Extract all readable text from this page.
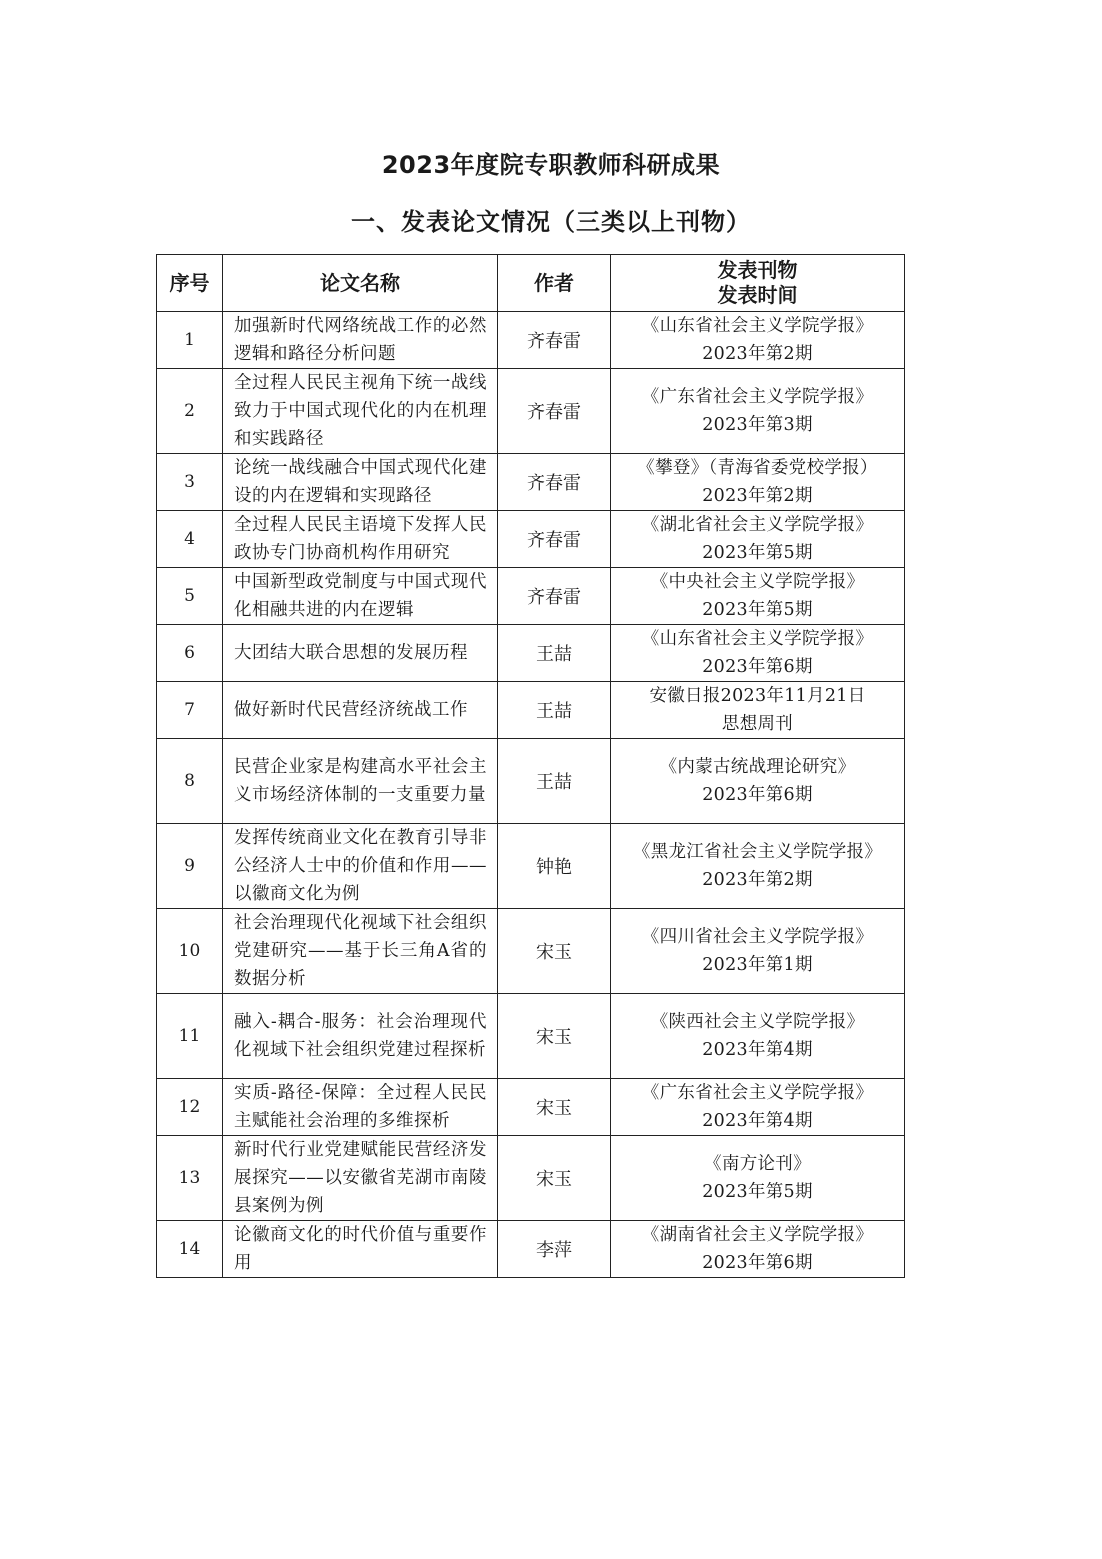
2023年度院专职教师科研成果
一、发表论文情况（三类以上刊物）
序号	论文名称	作者	发表刊物
发表时间

1	加强新时代网络统战工作的必然逻辑和路径分析问题	齐春雷	《山东省社会主义学院学报》
2023年第2期

2	全过程人民民主视角下统一战线致力于中国式现代化的内在机理和实践路径	齐春雷	《广东省社会主义学院学报》
2023年第3期

3	论统一战线融合中国式现代化建设的内在逻辑和实现路径	齐春雷	《攀登》（青海省委党校学报）
2023年第2期

4	全过程人民民主语境下发挥人民政协专门协商机构作用研究	齐春雷	《湖北省社会主义学院学报》
2023年第5期

5	中国新型政党制度与中国式现代化相融共进的内在逻辑	齐春雷	《中央社会主义学院学报》
2023年第5期

6	大团结大联合思想的发展历程	王喆	《山东省社会主义学院学报》
2023年第6期

7	做好新时代民营经济统战工作	王喆	安徽日报2023年11月21日
思想周刊

8	民营企业家是构建高水平社会主义市场经济体制的一支重要力量	王喆	《内蒙古统战理论研究》
2023年第6期

9	发挥传统商业文化在教育引导非公经济人士中的价值和作用——以徽商文化为例	钟艳	《黑龙江省社会主义学院学报》
2023年第2期

10	社会治理现代化视域下社会组织党建研究——基于长三角A省的数据分析	宋玉	《四川省社会主义学院学报》
2023年第1期

11	融入-耦合-服务：社会治理现代化视域下社会组织党建过程探析	宋玉	《陕西社会主义学院学报》
2023年第4期

12	实质-路径-保障：全过程人民民主赋能社会治理的多维探析	宋玉	《广东省社会主义学院学报》
2023年第4期

13	新时代行业党建赋能民营经济发展探究——以安徽省芜湖市南陵县案例为例	宋玉	《南方论刊》
2023年第5期

14	论徽商文化的时代价值与重要作用	李萍	《湖南省社会主义学院学报》
2023年第6期
